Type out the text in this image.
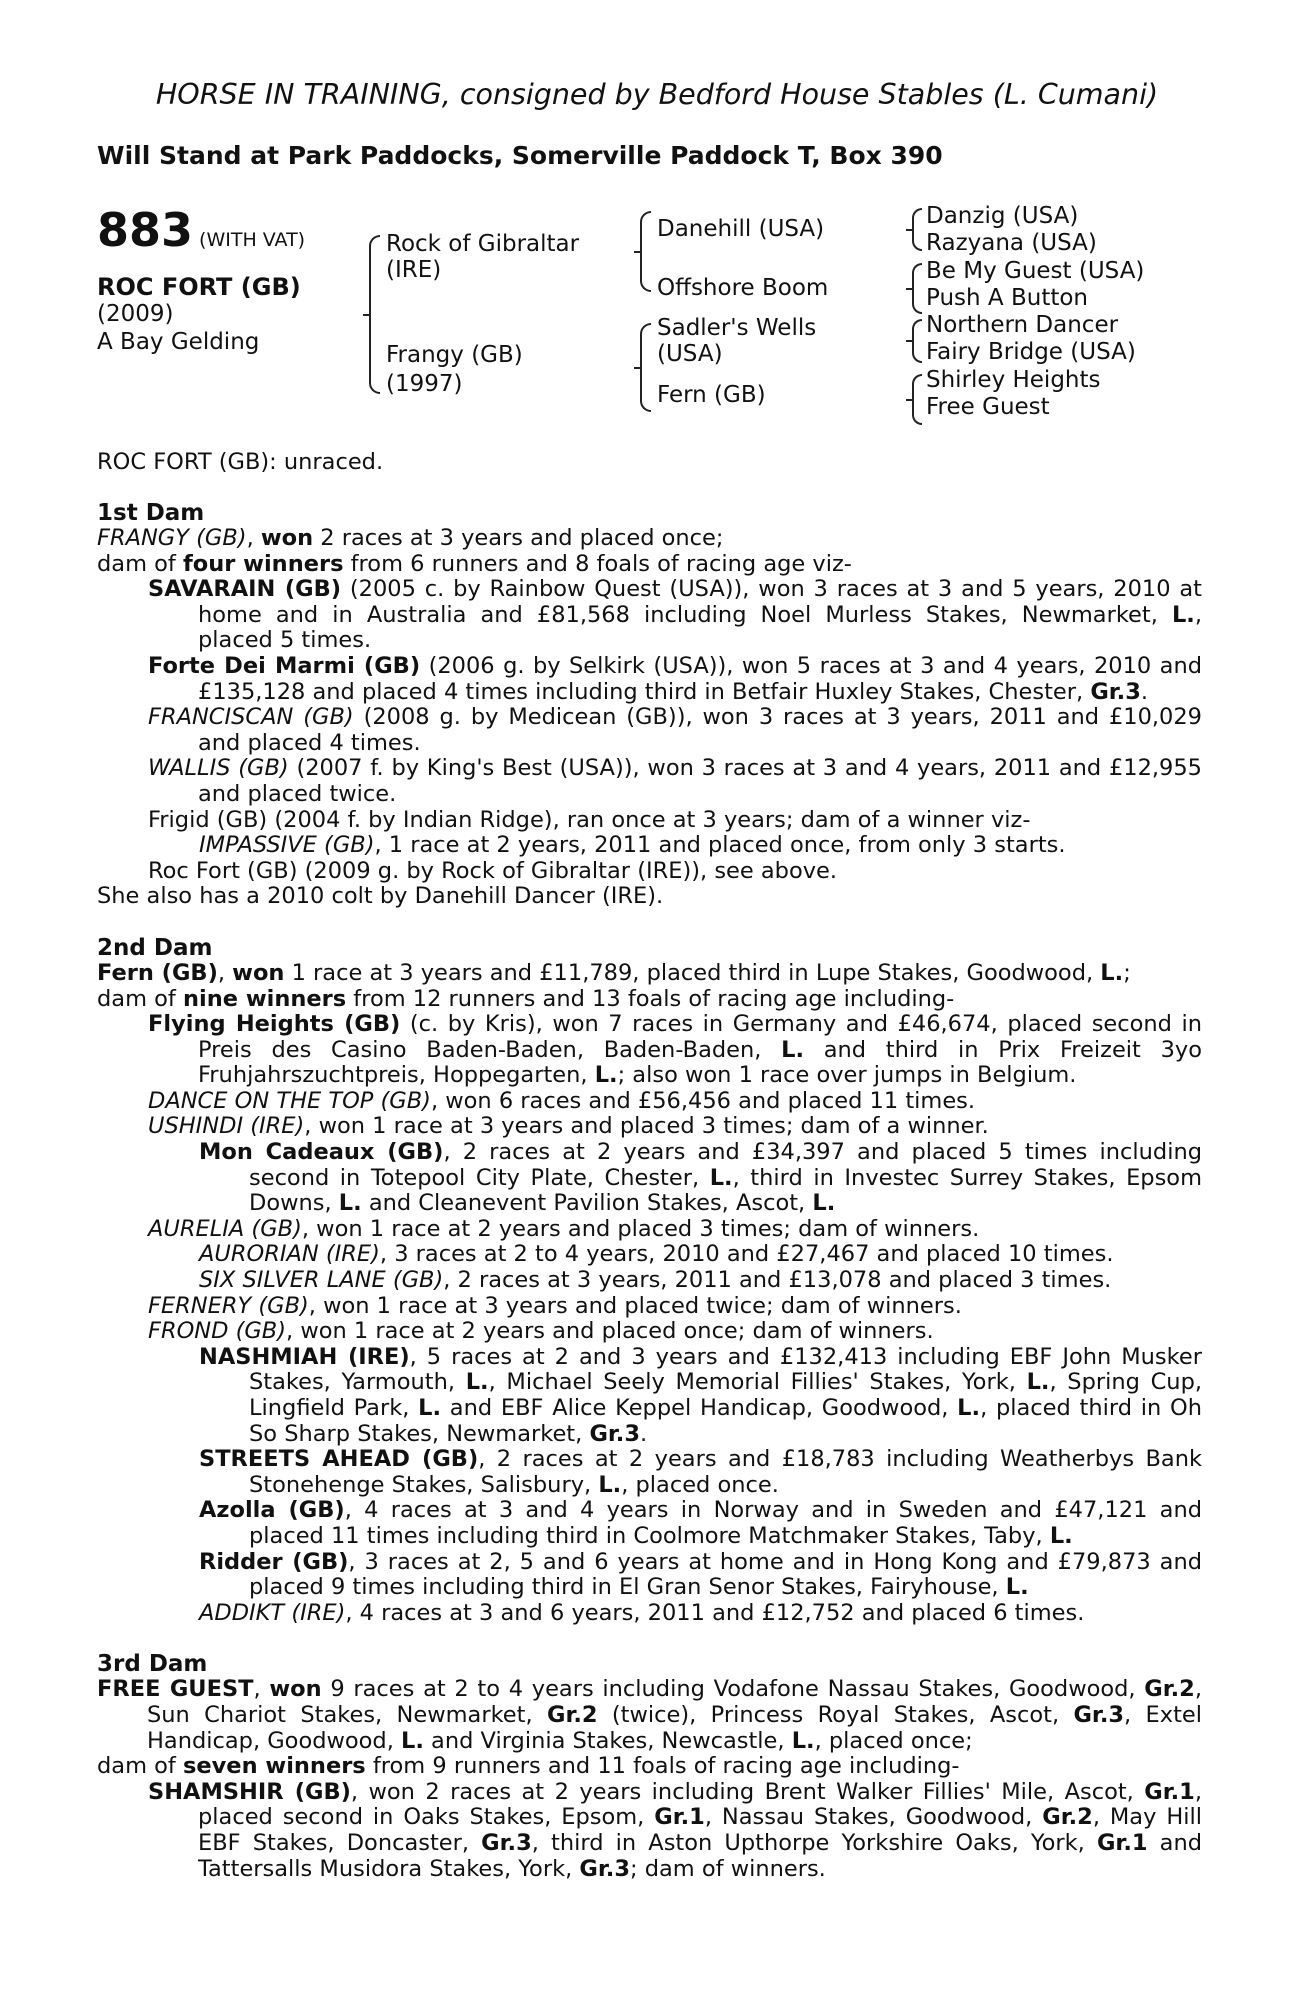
HORSE IN TRAINING, consigned by Bedford House Stables (L. Cumani)
Will Stand at Park Paddocks, Somerville Paddock T, Box 390
883 (WITH VAT)
ROC FORT (GB)
(2009)
A Bay Gelding
Rock of Gibraltar
(IRE)
Frangy (GB)
(1997)
Danehill (USA)
Offshore Boom
Sadler's Wells
(USA)
Fern (GB)
Danzig (USA)
Razyana (USA)
Be My Guest (USA)
Push A Button
Northern Dancer
Fairy Bridge (USA)
Shirley Heights
Free Guest
ROC FORT (GB): unraced.
1st Dam

FRANGY (GB), won 2 races at 3 years and placed once;

dam of four winners from 6 runners and 8 foals of racing age viz-

SAVARAIN (GB) (2005 c. by Rainbow Quest (USA)), won 3 races at 3 and 5 years, 2010 at home and in Australia and £81,568 including Noel Murless Stakes, Newmarket, L., placed 5 times.

Forte Dei Marmi (GB) (2006 g. by Selkirk (USA)), won 5 races at 3 and 4 years, 2010 and £135,128 and placed 4 times including third in Betfair Huxley Stakes, Chester, Gr.3.

FRANCISCAN (GB) (2008 g. by Medicean (GB)), won 3 races at 3 years, 2011 and £10,029 and placed 4 times.

WALLIS (GB) (2007 f. by King's Best (USA)), won 3 races at 3 and 4 years, 2011 and £12,955 and placed twice.

Frigid (GB) (2004 f. by Indian Ridge), ran once at 3 years; dam of a winner viz-

IMPASSIVE (GB), 1 race at 2 years, 2011 and placed once, from only 3 starts.

Roc Fort (GB) (2009 g. by Rock of Gibraltar (IRE)), see above.

She also has a 2010 colt by Danehill Dancer (IRE).

2nd Dam

Fern (GB), won 1 race at 3 years and £11,789, placed third in Lupe Stakes, Goodwood, L.;

dam of nine winners from 12 runners and 13 foals of racing age including-

Flying Heights (GB) (c. by Kris), won 7 races in Germany and £46,674, placed second in Preis des Casino Baden-Baden, Baden-Baden, L. and third in Prix Freizeit 3yo Fruhjahrszuchtpreis, Hoppegarten, L.; also won 1 race over jumps in Belgium.

DANCE ON THE TOP (GB), won 6 races and £56,456 and placed 11 times.

USHINDI (IRE), won 1 race at 3 years and placed 3 times; dam of a winner.

Mon Cadeaux (GB), 2 races at 2 years and £34,397 and placed 5 times including second in Totepool City Plate, Chester, L., third in Investec Surrey Stakes, Epsom Downs, L. and Cleanevent Pavilion Stakes, Ascot, L.

AURELIA (GB), won 1 race at 2 years and placed 3 times; dam of winners.

AURORIAN (IRE), 3 races at 2 to 4 years, 2010 and £27,467 and placed 10 times.

SIX SILVER LANE (GB), 2 races at 3 years, 2011 and £13,078 and placed 3 times.

FERNERY (GB), won 1 race at 3 years and placed twice; dam of winners.

FROND (GB), won 1 race at 2 years and placed once; dam of winners.

NASHMIAH (IRE), 5 races at 2 and 3 years and £132,413 including EBF John Musker Stakes, Yarmouth, L., Michael Seely Memorial Fillies' Stakes, York, L., Spring Cup, Lingfield Park, L. and EBF Alice Keppel Handicap, Goodwood, L., placed third in Oh So Sharp Stakes, Newmarket, Gr.3.

STREETS AHEAD (GB), 2 races at 2 years and £18,783 including Weatherbys Bank Stonehenge Stakes, Salisbury, L., placed once.

Azolla (GB), 4 races at 3 and 4 years in Norway and in Sweden and £47,121 and placed 11 times including third in Coolmore Matchmaker Stakes, Taby, L.

Ridder (GB), 3 races at 2, 5 and 6 years at home and in Hong Kong and £79,873 and placed 9 times including third in El Gran Senor Stakes, Fairyhouse, L.

ADDIKT (IRE), 4 races at 3 and 6 years, 2011 and £12,752 and placed 6 times.

3rd Dam

FREE GUEST, won 9 races at 2 to 4 years including Vodafone Nassau Stakes, Goodwood, Gr.2, Sun Chariot Stakes, Newmarket, Gr.2 (twice), Princess Royal Stakes, Ascot, Gr.3, Extel Handicap, Goodwood, L. and Virginia Stakes, Newcastle, L., placed once;

dam of seven winners from 9 runners and 11 foals of racing age including-

SHAMSHIR (GB), won 2 races at 2 years including Brent Walker Fillies' Mile, Ascot, Gr.1, placed second in Oaks Stakes, Epsom, Gr.1, Nassau Stakes, Goodwood, Gr.2, May Hill EBF Stakes, Doncaster, Gr.3, third in Aston Upthorpe Yorkshire Oaks, York, Gr.1 and Tattersalls Musidora Stakes, York, Gr.3; dam of winners.
